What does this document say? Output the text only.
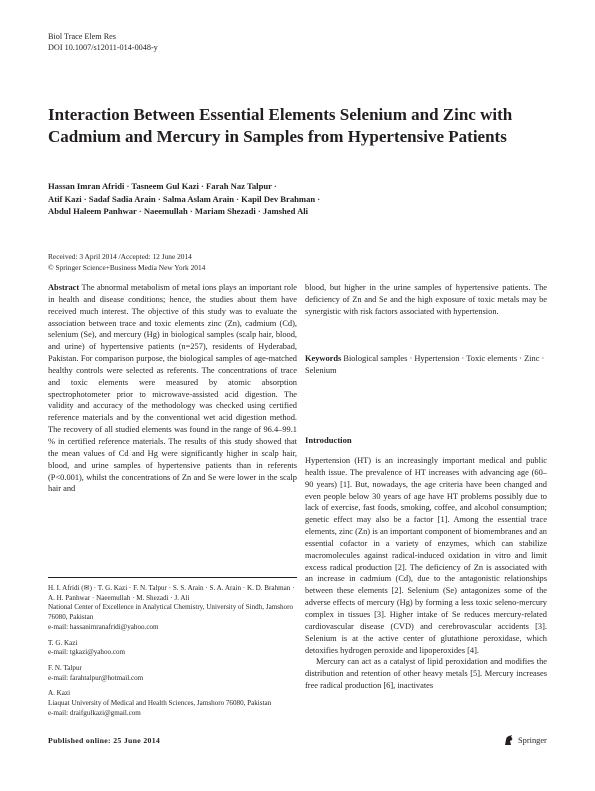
Biol Trace Elem Res
DOI 10.1007/s12011-014-0048-y
Interaction Between Essential Elements Selenium and Zinc with Cadmium and Mercury in Samples from Hypertensive Patients
Hassan Imran Afridi · Tasneem Gul Kazi · Farah Naz Talpur ·
Atif Kazi · Sadaf Sadia Arain · Salma Aslam Arain · Kapil Dev Brahman ·
Abdul Haleem Panhwar · Naeemullah · Mariam Shezadi · Jamshed Ali
Received: 3 April 2014 /Accepted: 12 June 2014
© Springer Science+Business Media New York 2014

Abstract The abnormal metabolism of metal ions plays an important role in health and disease conditions; hence, the studies about them have received much interest. The objective of this study was to evaluate the association between trace and toxic elements zinc (Zn), cadmium (Cd), selenium (Se), and mercury (Hg) in biological samples (scalp hair, blood, and urine) of hypertensive patients (n=257), residents of Hyderabad, Pakistan. For comparison purpose, the biological samples of age-matched healthy controls were selected as referents. The concentrations of trace and toxic elements were measured by atomic absorption spectrophotometer prior to microwave-assisted acid digestion. The validity and accuracy of the methodology was checked using certified reference materials and by the conventional wet acid digestion method. The recovery of all studied elements was found in the range of 96.4–99.1 % in certified reference materials. The results of this study showed that the mean values of Cd and Hg were significantly higher in scalp hair, blood, and urine samples of hypertensive patients than in referents (P<0.001), whilst the concentrations of Zn and Se were lower in the scalp hair and

blood, but higher in the urine samples of hypertensive patients. The deficiency of Zn and Se and the high exposure of toxic metals may be synergistic with risk factors associated with hypertension.

Keywords Biological samples · Hypertension · Toxic elements · Zinc · Selenium
Introduction

Hypertension (HT) is an increasingly important medical and public health issue. The prevalence of HT increases with advancing age (60–90 years) [1]. But, nowadays, the age criteria have been changed and even people below 30 years of age have HT problems possibly due to lack of exercise, fast foods, smoking, coffee, and alcohol consumption; genetic effect may also be a factor [1]. Among the essential trace elements, zinc (Zn) is an important component of biomembranes and an essential cofactor in a variety of enzymes, which can stabilize macromolecules against radical-induced oxidation in vitro and limit excess radical production [2]. The deficiency of Zn is associated with an increase in cadmium (Cd), due to the antagonistic relationships between these elements [2]. Selenium (Se) antagonizes some of the adverse effects of mercury (Hg) by forming a less toxic seleno-mercury complex in tissues [3]. Higher intake of Se reduces mercury-related cardiovascular disease (CVD) and cerebrovascular accidents [3]. Selenium is at the active center of glutathione peroxidase, which detoxifies hydrogen peroxide and lipoperoxides [4].

Mercury can act as a catalyst of lipid peroxidation and modifies the distribution and retention of other heavy metals [5]. Mercury increases free radical production [6], inactivates

H. I. Afridi (✉) · T. G. Kazi · F. N. Talpur · S. S. Arain · S. A. Arain · K. D. Brahman · A. H. Panhwar · Naeemullah · M. Shezadi · J. Ali
National Center of Excellence in Analytical Chemistry, University of Sindh, Jamshoro 76080, Pakistan
e-mail: hassanimranafridi@yahoo.com
T. G. Kazi
e-mail: tgkazi@yahoo.com
F. N. Talpur
e-mail: farahtalpur@hotmail.com
A. Kazi
Liaquat University of Medical and Health Sciences, Jamshoro 76080, Pakistan
e-mail: draifgulkazi@gmail.com
Published online: 25 June 2014	Springer
